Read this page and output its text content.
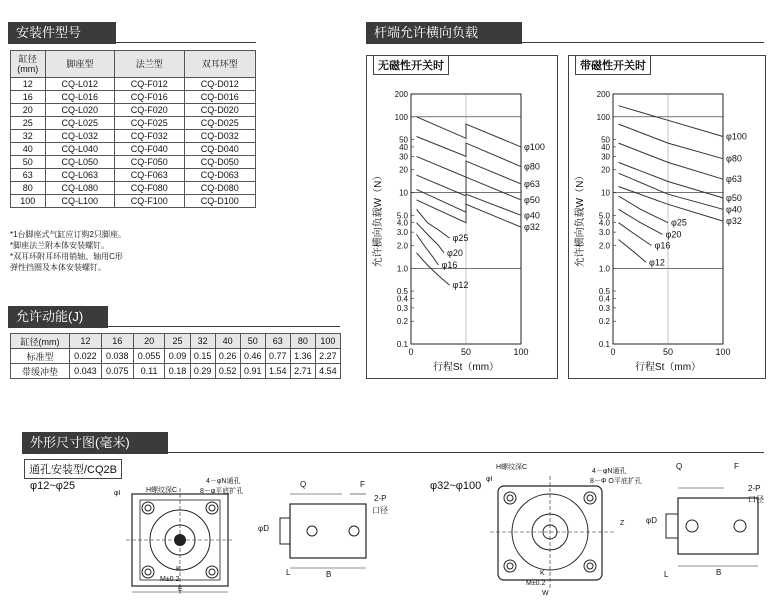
安装件型号
缸径
(mm)	脚座型	法兰型	双耳环型
12	CQ-L012	CQ-F012	CQ-D012
16	CQ-L016	CQ-F016	CQ-D016
20	CQ-L020	CQ-F020	CQ-D020
25	CQ-L025	CQ-F025	CQ-D025
32	CQ-L032	CQ-F032	CQ-D032
40	CQ-L040	CQ-F040	CQ-D040
50	CQ-L050	CQ-F050	CQ-D050
63	CQ-L063	CQ-F063	CQ-D063
80	CQ-L080	CQ-F080	CQ-D080
100	CQ-L100	CQ-F100	CQ-D100
*1台脚座式气缸应订购2只脚座。
*脚座法兰附本体安装螺钉。
*双耳环附耳环用销轴、轴用C形
弹性挡圈及本体安装螺钉。
允许动能(J)
缸径(mm)	12	16	20	25	32	40	50	63	80	100
标准型	0.022	0.038	0.055	0.09	0.15	0.26	0.46	0.77	1.36	2.27
带缓冲垫	0.043	0.075	0.11	0.18	0.29	0.52	0.91	1.54	2.71	4.54
杆端允许横向负载
无磁性开关时
200
100
50
40
30
20
10
5.0
4.0
3.0
2.0
1.0
0.5
0.4
0.3
0.2
0.1
0	50	100
行程St（mm）
允许横向负载W（N）
φ100
φ80
φ63
φ50
φ40
φ32
φ25
φ20
φ16
φ12
带磁性开关时
200
100
50
40
30
20
10
5.0
4.0
3.0
2.0
1.0
0.5
0.4
0.3
0.2
0.1
0	50	100
行程St（mm）
允许横向负载W（N）
φ100
φ80
φ63
φ50
φ40
φ32
φ25
φ20
φ16
φ12
外形尺寸图(毫米)
通孔安装型/CQ2B
φ12~φ25	φ32~φ100
H螺纹深C
4－φN通孔
8－φ平底扩孔
φI
K
M±0.2
E
Q	F
2-P
口径
φD
L	B
H螺纹深C
4－φN通孔
8－Φ O平底扩孔
φI
Z
K
M±0.2
W
Q	F
2-P
口径
φD
L	B
